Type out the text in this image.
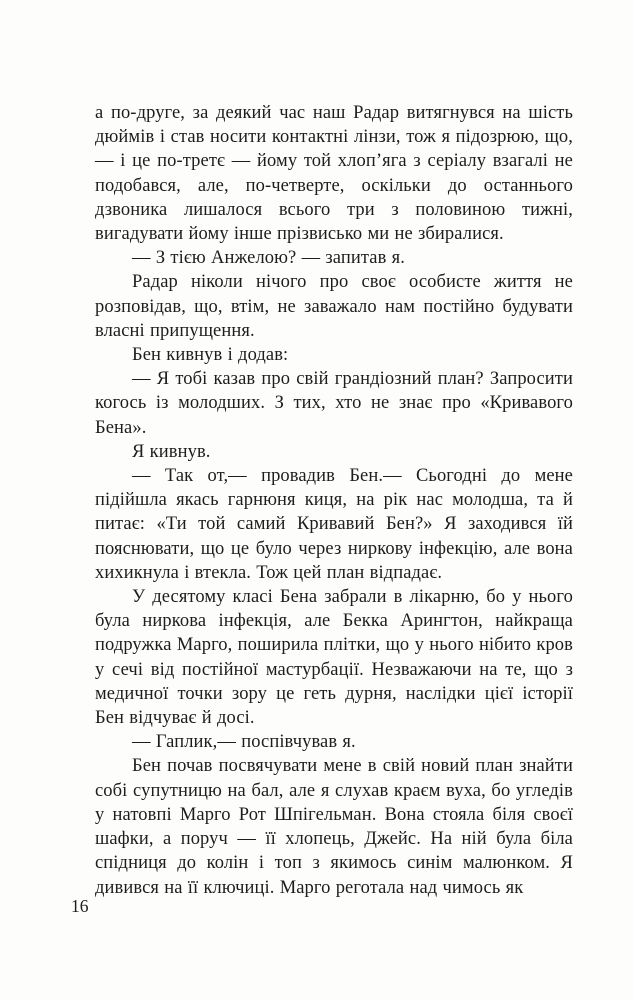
а по-друге, за деякий час наш Радар витягнувся на шість дюймів і став носити контактні лінзи, тож я підозрюю, що, — і це по-третє — йому той хлоп’яга з серіалу взагалі не подобався, але, по-четверте, оскільки до останнього дзвоника лишалося всього три з половиною тижні, вигадувати йому інше прізвисько ми не збиралися.

— З тією Анжелою? — запитав я.

Радар ніколи нічого про своє особисте життя не розповідав, що, втім, не заважало нам постійно будувати власні припущення.

Бен кивнув і додав:

— Я тобі казав про свій грандіозний план? Запросити когось із молодших. З тих, хто не знає про «Кривавого Бена».

Я кивнув.

— Так от,— провадив Бен.— Сьогодні до мене підійшла якась гарнюня киця, на рік нас молодша, та й питає: «Ти той самий Кривавий Бен?» Я заходився їй пояснювати, що це було через ниркову інфекцію, але вона хихикнула і втекла. Тож цей план відпадає.

У десятому класі Бена забрали в лікарню, бо у нього була ниркова інфекція, але Бекка Арингтон, найкраща подружка Марго, поширила плітки, що у нього нібито кров у сечі від постійної мастурбації. Незважаючи на те, що з медичної точки зору це геть дурня, наслідки цієї історії Бен відчуває й досі.

— Гаплик,— поспівчував я.

Бен почав посвячувати мене в свій новий план знайти собі супутницю на бал, але я слухав краєм вуха, бо угледів у натовпі Марго Рот Шпігельман. Вона стояла біля своєї шафки, а поруч — її хлопець, Джейс. На ній була біла спідниця до колін і топ з якимось синім малюнком. Я дивився на її ключиці. Марго реготала над чимось як

16
